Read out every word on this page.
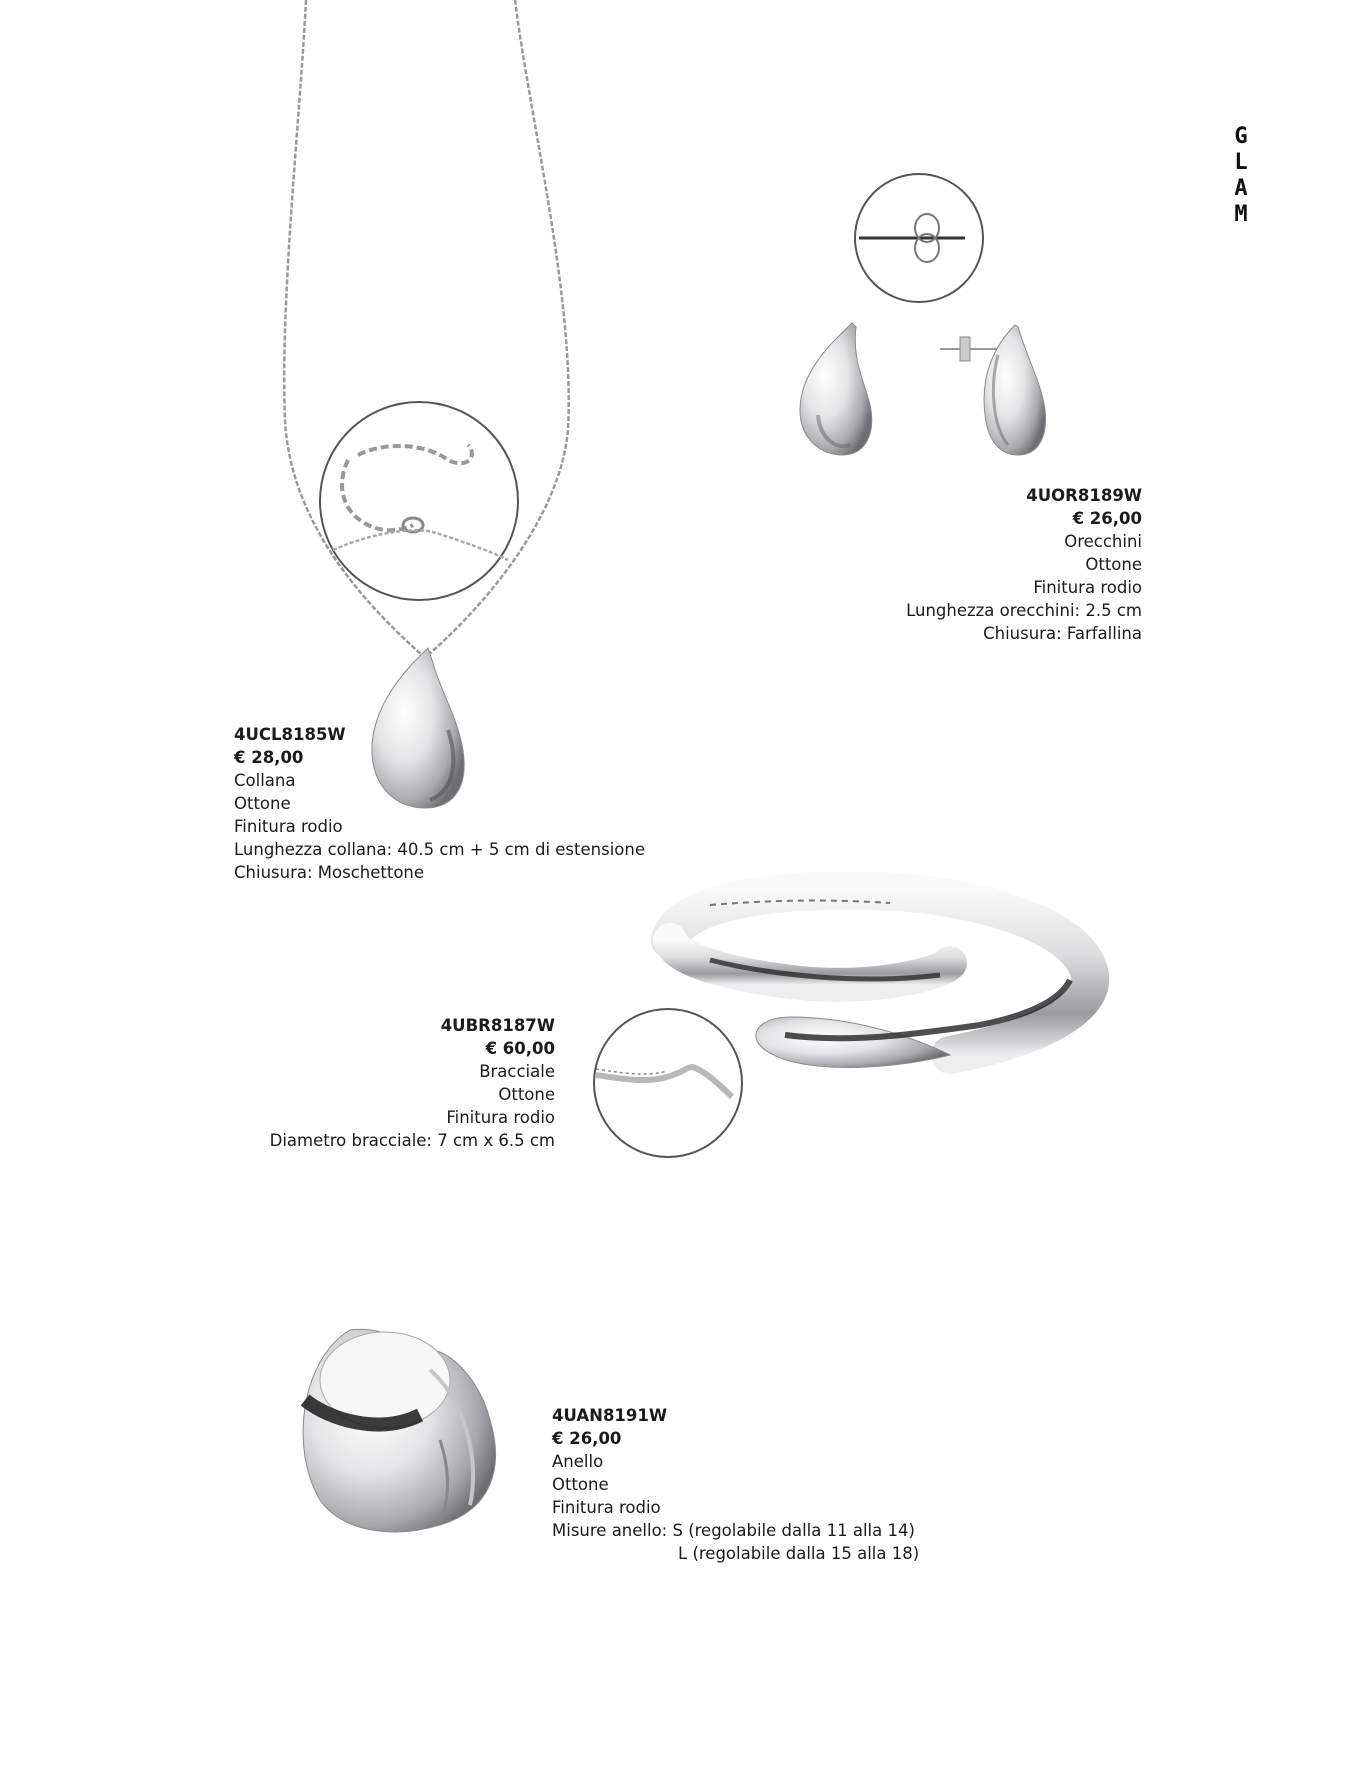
G
L
A
M
4UOR8189W
€ 26,00
Orecchini
Ottone
Finitura rodio
Lunghezza orecchini: 2.5 cm
Chiusura: Farfallina
4UCL8185W
€ 28,00
Collana
Ottone
Finitura rodio
Lunghezza collana: 40.5 cm + 5 cm di estensione
Chiusura: Moschettone
4UBR8187W
€ 60,00
Bracciale
Ottone
Finitura rodio
Diametro bracciale: 7 cm x 6.5 cm
4UAN8191W
€ 26,00
Anello
Ottone
Finitura rodio
Misure anello: S (regolabile dalla 11 alla 14)
L (regolabile dalla 15 alla 18)
